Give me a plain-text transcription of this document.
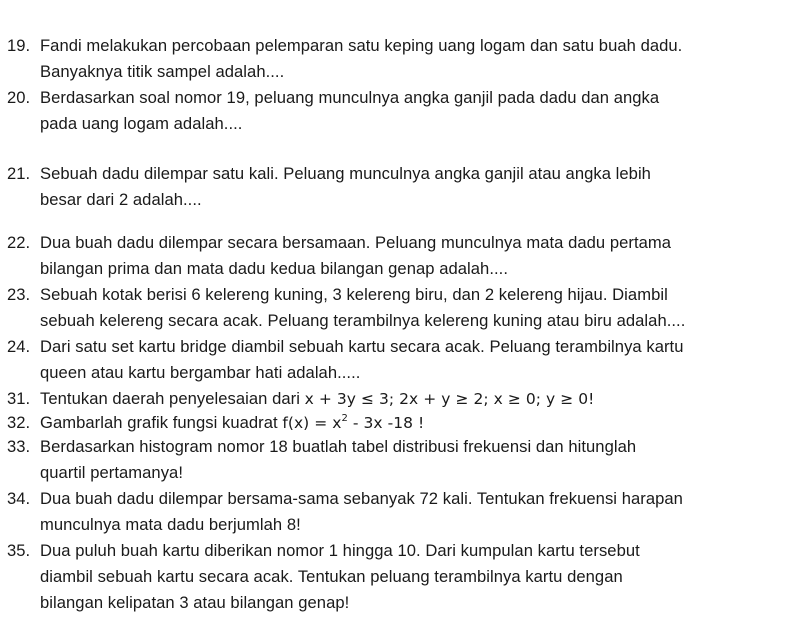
19. Fandi melakukan percobaan pelemparan satu keping uang logam dan satu buah dadu.
Banyaknya titik sampel adalah....
20. Berdasarkan soal nomor 19, peluang munculnya angka ganjil pada dadu dan angka
pada uang logam adalah....
21. Sebuah dadu dilempar satu kali. Peluang munculnya angka ganjil atau angka lebih
besar dari 2 adalah....
22. Dua buah dadu dilempar secara bersamaan. Peluang munculnya mata dadu pertama
bilangan prima dan mata dadu kedua bilangan genap adalah....
23. Sebuah kotak berisi 6 kelereng kuning, 3 kelereng biru, dan 2 kelereng hijau. Diambil
sebuah kelereng secara acak. Peluang terambilnya kelereng kuning atau biru adalah....
24. Dari satu set kartu bridge diambil sebuah kartu secara acak. Peluang terambilnya kartu
queen atau kartu bergambar hati adalah.....
31. Tentukan daerah penyelesaian dari x + 3y ≤ 3; 2x + y ≥ 2; x ≥ 0; y ≥ 0!
32. Gambarlah grafik fungsi kuadrat $f(x) = x^2 - 3x$ -18 !
33. Berdasarkan histogram nomor 18 buatlah tabel distribusi frekuensi dan hitunglah
quartil pertamanya!
34. Dua buah dadu dilempar bersama-sama sebanyak 72 kali. Tentukan frekuensi harapan
munculnya mata dadu berjumlah 8!
35. Dua puluh buah kartu diberikan nomor 1 hingga 10. Dari kumpulan kartu tersebut
diambil sebuah kartu secara acak. Tentukan peluang terambilnya kartu dengan
bilangan kelipatan 3 atau bilangan genap!
